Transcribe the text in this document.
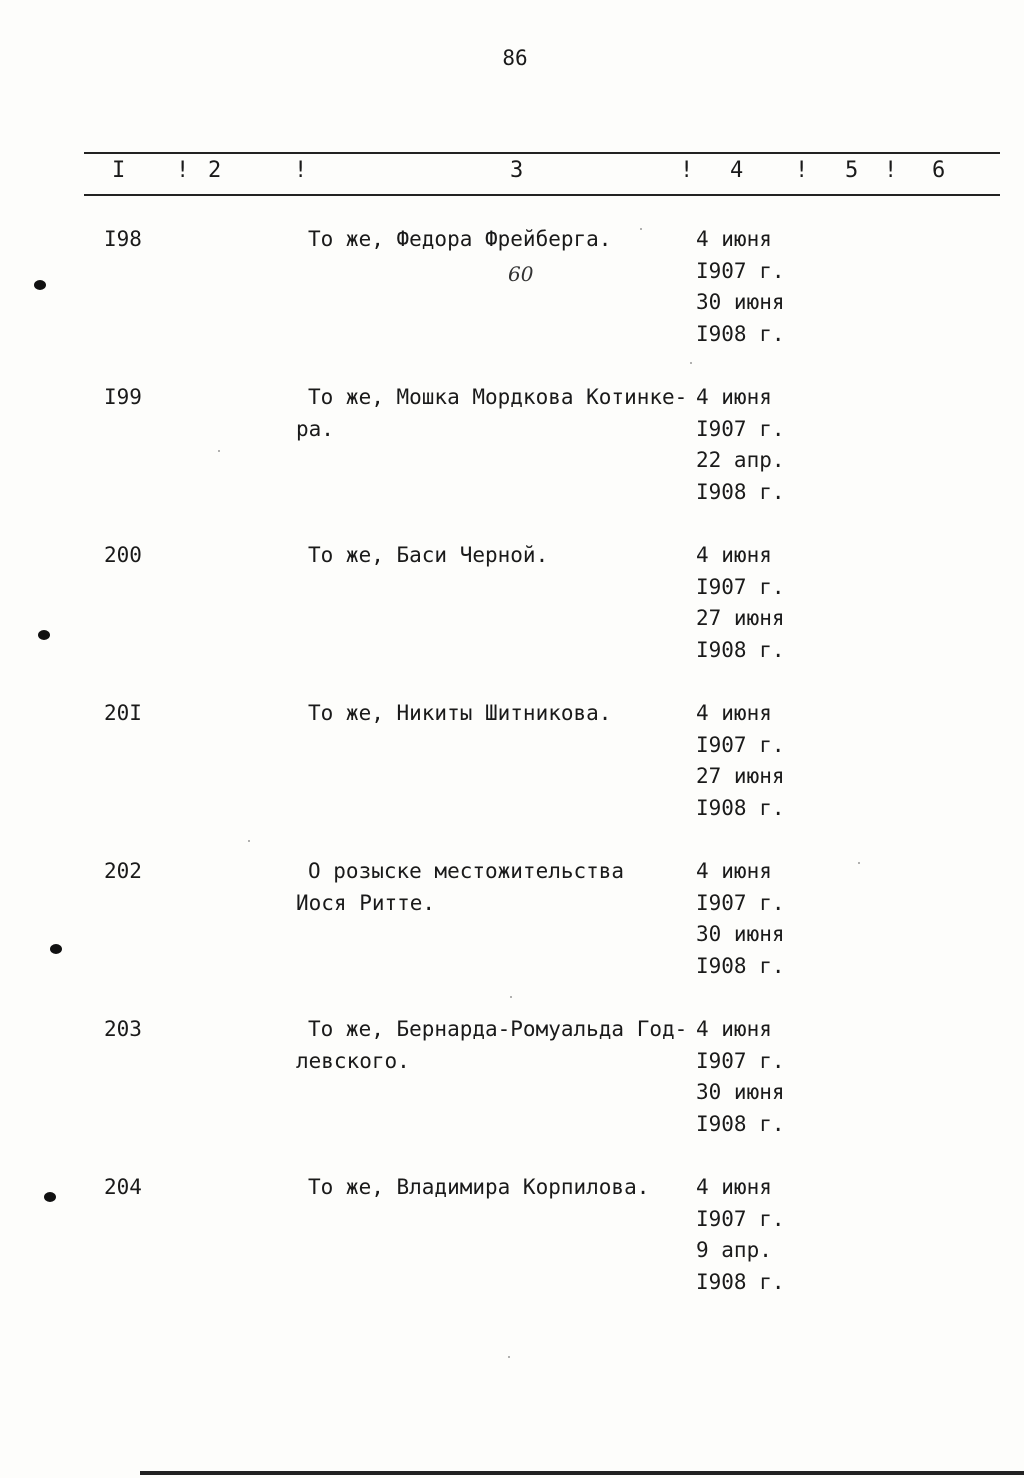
86
I ! 2	!	3	! 4 ! 5 ! 6
60
I98	То же, Федора Фрейберга.	4 июня
I907 г.
30 июня
I908 г.
I99	То же, Мошка Мордкова Котинке-
ра.
4 июня
I907 г.
22 апр.
I908 г.
200	То же, Баси Черной.	4 июня
I907 г.
27 июня
I908 г.
20I	То же, Никиты Шитникова.	4 июня
I907 г.
27 июня
I908 г.
202	О розыске местожительства
Иося Ритте.
4 июня
I907 г.
30 июня
I908 г.
203	То же, Бернарда-Ромуальда Год-
левского.
4 июня
I907 г.
30 июня
I908 г.
204	То же, Владимира Корпилова.	4 июня
I907 г.
9 апр.
I908 г.
